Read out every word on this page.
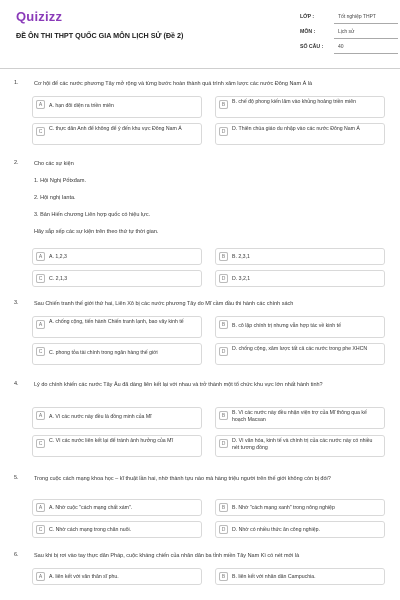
Quizizz
ĐỀ ÔN THI THPT QUỐC GIA MÔN LỊCH SỬ (Đề 2)
LỚP :	Tốt nghiệp THPT
MÔN :	Lịch sử
SỐ CÂU :	40
1.	Cơ hội để các nước phương Tây mở rộng và từng bước hoàn thành quá trình xâm lược các nước Đông Nam Á là
A	A. hạn đôi diện ra triền miên	B	B. chế độ phong kiến lâm vào khủng hoảng triền miên
C	C. thực dân Anh để không để ý đến khu vực Đông Nam Á	D	D. Thiên chúa giáo du nhập vào các nước Đông Nam Á
2.	Cho các sự kiện
1. Hội Nghị Pốtxđam.
2. Hội nghị Ianta.
3. Bản Hiến chương Liên hợp quốc có hiệu lực.
Hãy sắp xếp các sự kiện trên theo thứ tự thời gian.
A	A. 1,2,3	B	B. 2,3,1
C	C. 2,1,3	D	D. 3,2,1
3.	Sau Chiến tranh thế giới thứ hai, Liên Xô bị các nước phương Tây do Mĩ cầm đầu thi hành các chính sách
A	A. chống cộng, tiến hành Chiến tranh lạnh, bao vây kinh tế	B	B. cô lập chính trị nhưng vẫn hợp tác về kinh tế
C	C. phong tỏa tài chính trong ngân hàng thế giới	D	D. chống cộng, xâm lược tất cả các nước trong phe XHCN
4.	Lý do chính khiến các nước Tây Âu đã dàng liên kết lại với nhau và trở thành một tổ chức khu vực lớn nhất hành tinh?
A	A. Vì các nước này đều là đồng minh của Mĩ	B	B. Vì các nước này đều nhận viện trợ của Mĩ thông qua kế hoạch Macsan
C	C. Vì các nước liên kết lại để tránh ảnh hưởng của Mĩ	D	D. Vì văn hóa, kinh tế và chính trị của các nước này có nhiều nét tương đồng
5.	Trong cuộc cách mạng khoa học – kĩ thuật lần hai, nhờ thành tựu nào mà hàng triệu người trên thế giới không còn bị đói?
A	A. Nhờ cuộc "cách mạng chất xám".	B	B. Nhờ "cách mạng xanh" trong nông nghiệp
C	C. Nhờ cách mạng trong chăn nuôi.	D	D. Nhờ có nhiều thức ăn công nghiệp.
6.	Sau khi bị rơi vào tay thực dân Pháp, cuộc kháng chiến của nhân dân ba tỉnh miền Tây Nam Kì có nét mới là
A	A. liên kết với văn thân sĩ phu.	B	B. liên kết với nhân dân Campuchia.
